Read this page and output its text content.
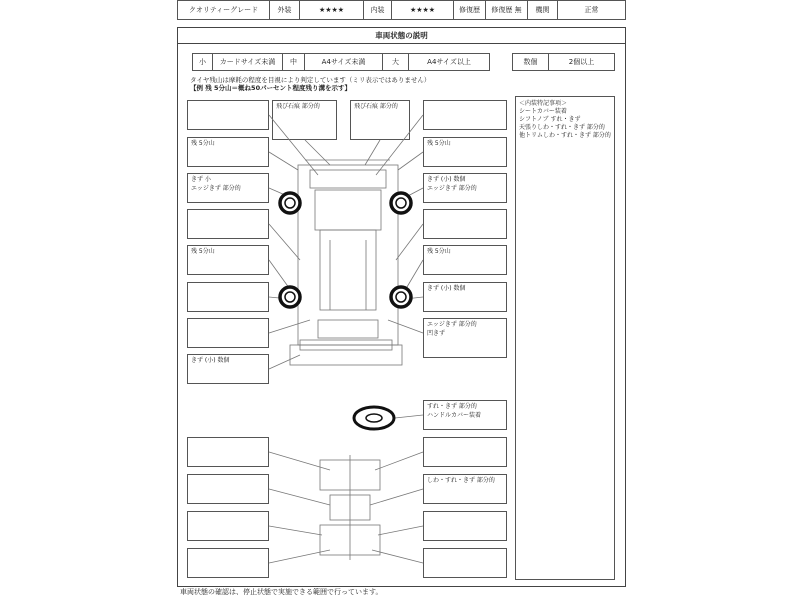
クオリティーグレード	外装	★★★★	内装	★★★★	修復歴	修復歴 無	機関	正常
車両状態の説明
小	カードサイズ未満	中	A4サイズ未満	大	A4サイズ以上	数個	2個以上
タイヤ残山は摩耗の程度を目視により判定しています（ミリ表示ではありません）
【例 残 5分山＝概ね50パーセント程度残り溝を示す】
残 5分山
きず 小
エッジきず 部分的
残 5分山
きず (小) 数個
飛び石痕 部分的	飛び石痕 部分的
残 5分山
きず (小) 数個
エッジきず 部分的
残 5分山
きず (小) 数個
エッジきず 部分的
凹きず
すれ・きず 部分的
ハンドルカバー装着
しわ・すれ・きず 部分的
＜内装特記事項＞
シートカバー装着
シフトノブ すれ・きず
天張りしわ・すれ・きず 部分的
他トリムしわ・すれ・きず 部分的
車両状態の確認は、停止状態で実施できる範囲で行っています。
